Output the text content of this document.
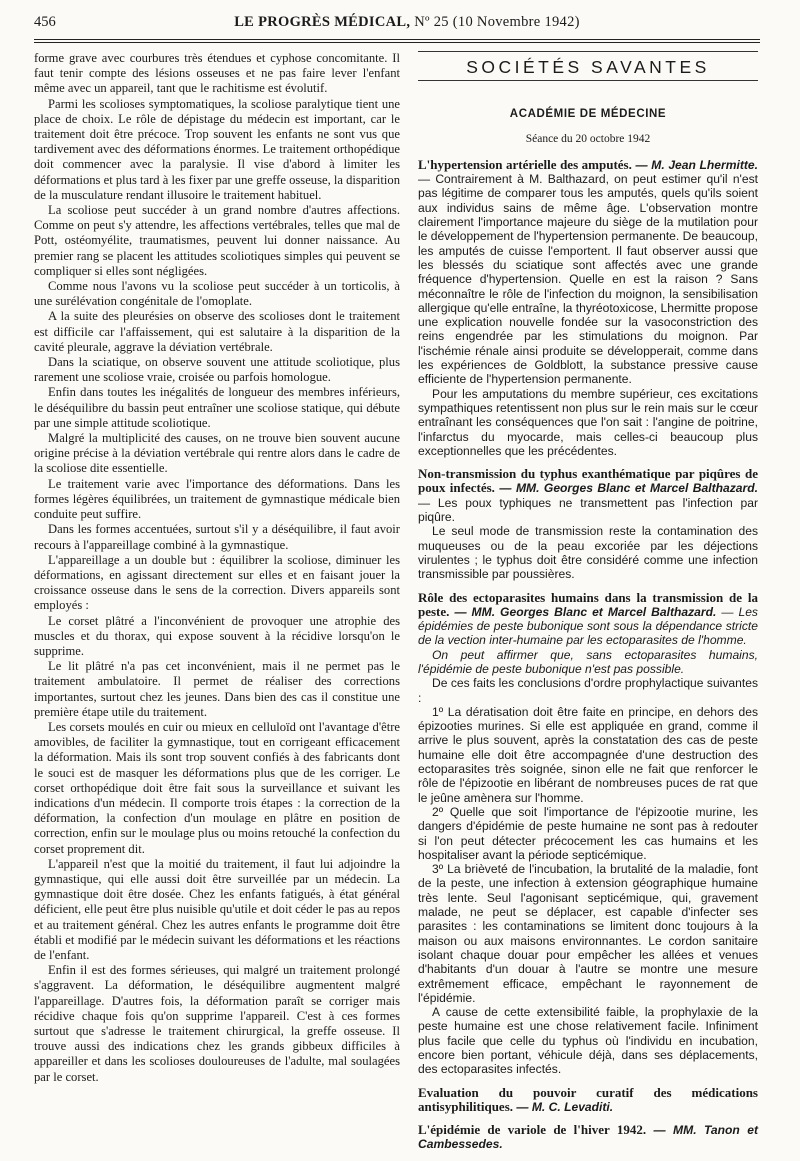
456	LE PROGRÈS MÉDICAL, Nº 25 (10 Novembre 1942)

forme grave avec courbures très étendues et cyphose concomitante. Il faut tenir compte des lésions osseuses et ne pas faire lever l'enfant même avec un appareil, tant que le rachitisme est évolutif.

Parmi les scolioses symptomatiques, la scoliose paralytique tient une place de choix. Le rôle de dépistage du médecin est important, car le traitement doit être précoce. Trop souvent les enfants ne sont vus que tardivement avec des déformations énormes. Le traitement orthopédique doit commencer avec la paralysie. Il vise d'abord à limiter les déformations et plus tard à les fixer par une greffe osseuse, la disparition de la musculature rendant illusoire le traitement habituel.

La scoliose peut succéder à un grand nombre d'autres affections. Comme on peut s'y attendre, les affections vertébrales, telles que mal de Pott, ostéomyélite, traumatismes, peuvent lui donner naissance. Au premier rang se placent les attitudes scoliotiques simples qui peuvent se compliquer si elles sont négligées.

Comme nous l'avons vu la scoliose peut succéder à un torticolis, à une surélévation congénitale de l'omoplate.

A la suite des pleurésies on observe des scolioses dont le traitement est difficile car l'affaissement, qui est salutaire à la disparition de la cavité pleurale, aggrave la déviation vertébrale.

Dans la sciatique, on observe souvent une attitude scoliotique, plus rarement une scoliose vraie, croisée ou parfois homologue.

Enfin dans toutes les inégalités de longueur des membres inférieurs, le déséquilibre du bassin peut entraîner une scoliose statique, qui débute par une simple attitude scoliotique.

Malgré la multiplicité des causes, on ne trouve bien souvent aucune origine précise à la déviation vertébrale qui rentre alors dans le cadre de la scoliose dite essentielle.

Le traitement varie avec l'importance des déformations. Dans les formes légères équilibrées, un traitement de gymnastique médicale bien conduite peut suffire.

Dans les formes accentuées, surtout s'il y a déséquilibre, il faut avoir recours à l'appareillage combiné à la gymnastique.

L'appareillage a un double but : équilibrer la scoliose, diminuer les déformations, en agissant directement sur elles et en faisant jouer la croissance osseuse dans le sens de la correction. Divers appareils sont employés :

Le corset plâtré a l'inconvénient de provoquer une atrophie des muscles et du thorax, qui expose souvent à la récidive lorsqu'on le supprime.

Le lit plâtré n'a pas cet inconvénient, mais il ne permet pas le traitement ambulatoire. Il permet de réaliser des corrections importantes, surtout chez les jeunes. Dans bien des cas il constitue une première étape utile du traitement.

Les corsets moulés en cuir ou mieux en celluloïd ont l'avantage d'être amovibles, de faciliter la gymnastique, tout en corrigeant efficacement la déformation. Mais ils sont trop souvent confiés à des fabricants dont le souci est de masquer les déformations plus que de les corriger. Le corset orthopédique doit être fait sous la surveillance et suivant les indications d'un médecin. Il comporte trois étapes : la correction de la déformation, la confection d'un moulage en plâtre en position de correction, enfin sur le moulage plus ou moins retouché la confection du corset proprement dit.

L'appareil n'est que la moitié du traitement, il faut lui adjoindre la gymnastique, qui elle aussi doit être surveillée par un médecin. La gymnastique doit être dosée. Chez les enfants fatigués, à état général déficient, elle peut être plus nuisible qu'utile et doit céder le pas au repos et au traitement général. Chez les autres enfants le programme doit être établi et modifié par le médecin suivant les déformations et les réactions de l'enfant.

Enfin il est des formes sérieuses, qui malgré un traitement prolongé s'aggravent. La déformation, le déséquilibre augmentent malgré l'appareillage. D'autres fois, la déformation paraît se corriger mais récidive chaque fois qu'on supprime l'appareil. C'est à ces formes surtout que s'adresse le traitement chirurgical, la greffe osseuse. Il trouve aussi des indications chez les grands gibbeux difficiles à appareiller et dans les scolioses douloureuses de l'adulte, mal soulagées par le corset.

SOCIÉTÉS SAVANTES
ACADÉMIE DE MÉDECINE
Séance du 20 octobre 1942

L'hypertension artérielle des amputés. — M. Jean Lhermitte. — Contrairement à M. Balthazard, on peut estimer qu'il n'est pas légitime de comparer tous les amputés, quels qu'ils soient aux individus sains de même âge. L'observation montre clairement l'importance majeure du siège de la mutilation pour le développement de l'hypertension permanente. De beaucoup, les amputés de cuisse l'emportent. Il faut observer aussi que les blessés du sciatique sont affectés avec une grande fréquence d'hypertension. Quelle en est la raison ? Sans méconnaître le rôle de l'infection du moignon, la sensibilisation allergique qu'elle entraîne, la thyréotoxicose, Lhermitte propose une explication nouvelle fondée sur la vasoconstriction des reins engendrée par les stimulations du moignon. Par l'ischémie rénale ainsi produite se développerait, comme dans les expériences de Goldblott, la substance pressive cause efficiente de l'hypertension permanente.

Pour les amputations du membre supérieur, ces excitations sympathiques retentissent non plus sur le rein mais sur le cœur entraînant les conséquences que l'on sait : l'angine de poitrine, l'infarctus du myocarde, mais celles-ci beaucoup plus exceptionnelles que les précédentes.

Non-transmission du typhus exanthématique par piqûres de poux infectés. — MM. Georges Blanc et Marcel Balthazard. — Les poux typhiques ne transmettent pas l'infection par piqûre.

Le seul mode de transmission reste la contamination des muqueuses ou de la peau excoriée par les déjections virulentes ; le typhus doit être considéré comme une infection transmissible par poussières.

Rôle des ectoparasites humains dans la transmission de la peste. — MM. Georges Blanc et Marcel Balthazard. — Les épidémies de peste bubonique sont sous la dépendance stricte de la vection inter-humaine par les ectoparasites de l'homme.

On peut affirmer que, sans ectoparasites humains, l'épidémie de peste bubonique n'est pas possible.

De ces faits les conclusions d'ordre prophylactique suivantes :

1º La dératisation doit être faite en principe, en dehors des épizooties murines. Si elle est appliquée en grand, comme il arrive le plus souvent, après la constatation des cas de peste humaine elle doit être accompagnée d'une destruction des ectoparasites très soignée, sinon elle ne fait que renforcer le rôle de l'épizootie en libérant de nombreuses puces de rat que le jeûne amènera sur l'homme.

2º Quelle que soit l'importance de l'épizootie murine, les dangers d'épidémie de peste humaine ne sont pas à redouter si l'on peut détecter précocement les cas humains et les hospitaliser avant la période septicémique.

3º La brièveté de l'incubation, la brutalité de la maladie, font de la peste, une infection à extension géographique humaine très lente. Seul l'agonisant septicémique, qui, gravement malade, ne peut se déplacer, est capable d'infecter ses parasites : les contaminations se limitent donc toujours à la maison ou aux maisons environnantes. Le cordon sanitaire isolant chaque douar pour empêcher les allées et venues d'habitants d'un douar à l'autre se montre une mesure extrêmement efficace, empêchant le rayonnement de l'épidémie.

A cause de cette extensibilité faible, la prophylaxie de la peste humaine est une chose relativement facile. Infiniment plus facile que celle du typhus où l'individu en incubation, encore bien portant, véhicule déjà, dans ses déplacements, des ectoparasites infectés.

Evaluation du pouvoir curatif des médications antisyphilitiques. — M. C. Levaditi.

L'épidémie de variole de l'hiver 1942. — MM. Tanon et Cambessedes.
